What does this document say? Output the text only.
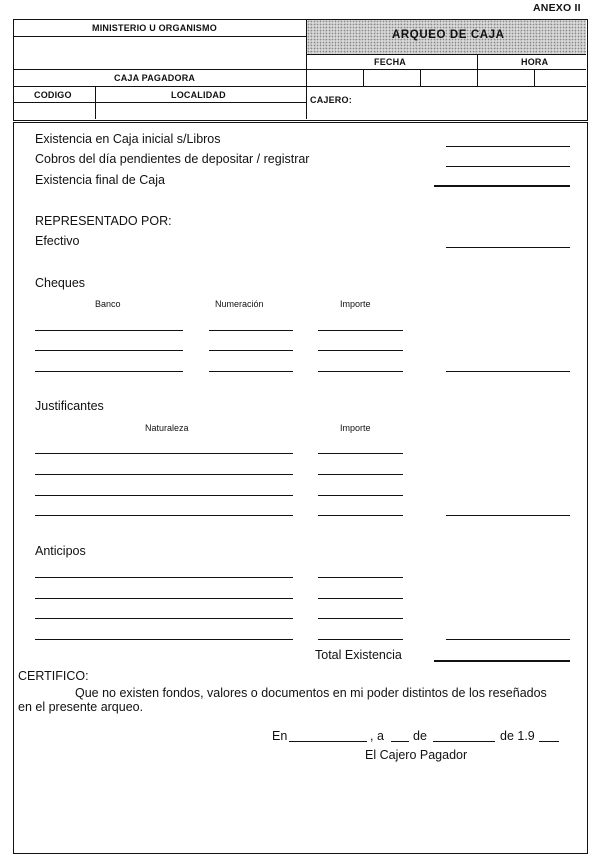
ANEXO II
ARQUEO DE CAJA
MINISTERIO U ORGANISMO
FECHA	HORA
CAJA PAGADORA
CODIGO	LOCALIDAD	CAJERO:
Existencia en Caja inicial s/Libros
Cobros del día pendientes de depositar / registrar
Existencia final de Caja
REPRESENTADO POR:
Efectivo
Cheques
Banco	Numeración	Importe
Justificantes
Naturaleza	Importe
Anticipos
Total Existencia
CERTIFICO:
Que no existen fondos, valores o documentos en mi poder distintos de los reseñados
en el presente arqueo.
En	, a de	de 1.9
El Cajero Pagador
